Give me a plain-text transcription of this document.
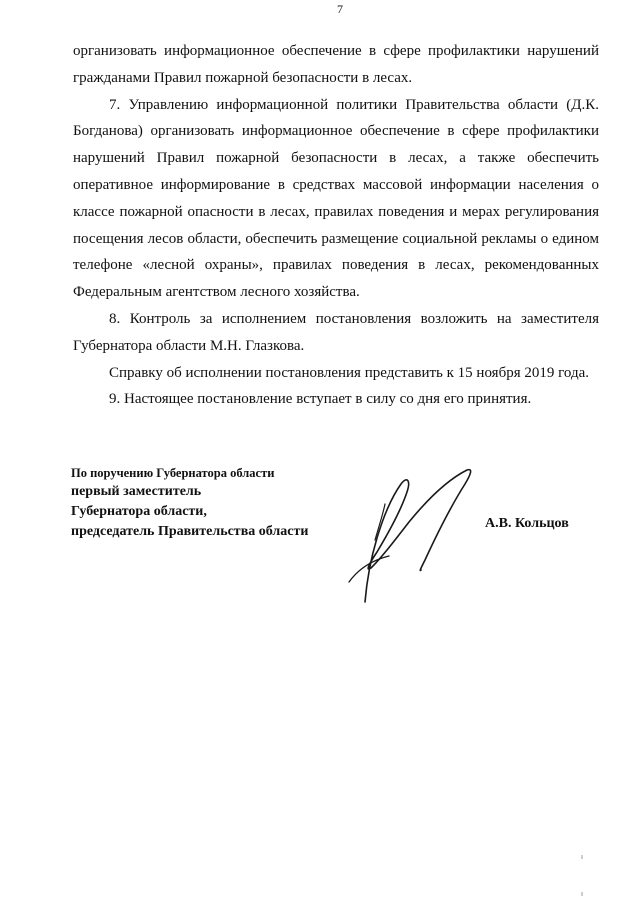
7

организовать информационное обеспечение в сфере профилактики нарушений гражданами Правил пожарной безопасности в лесах.

7. Управлению информационной политики Правительства области (Д.К. Богданова) организовать информационное обеспечение в сфере профилактики нарушений Правил пожарной безопасности в лесах, а также обеспечить оперативное информирование в средствах массовой информации населения о классе пожарной опасности в лесах, правилах поведения и мерах регулирования посещения лесов области, обеспечить размещение социальной рекламы о едином телефоне «лесной охраны», правилах поведения в лесах, рекомендованных Федеральным агентством лесного хозяйства.

8. Контроль за исполнением постановления возложить на заместителя Губернатора области М.Н. Глазкова.

Справку об исполнении постановления представить к 15 ноября 2019 года.

9. Настоящее постановление вступает в силу со дня его принятия.

По поручению Губернатора области

первый заместитель

Губернатора области,

председатель Правительства области

А.В. Кольцов
